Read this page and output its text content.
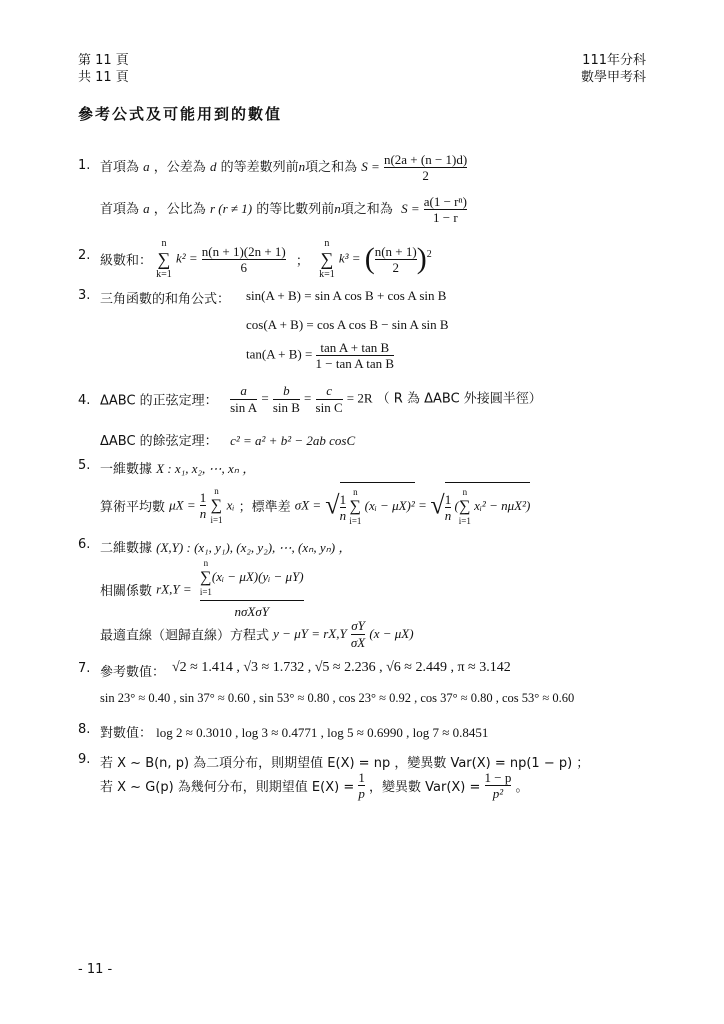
第 11 頁
共 11 頁
111年分科
數學甲考科
參考公式及可能用到的數值
1. 首項為 a ，公差為 d 的等差數列前n項之和為 $S = \frac{n(2a + (n - 1)d)}{2}$
首項為 a ，公比為 r (r ≠ 1) 的等比數列前n項之和為 $S = \frac{\text{a(1 − rⁿ)}}{1 - r}$
2. 級數和：
n
∑
k=1
$k^2 = \frac{n(n + 1)(2n + 1)}{6}$ ；
n
∑
k=1
k³ = ( $\frac{n(n + 1)}{2} )^2$
3. 三角函數的和角公式： sin(A + B) = sin A cos B + cos A sin B
cos(A + B) = cos A cos B − sin A sin B
$\tan(A + B) = \frac{\text{tan A + tan B}}{\text{1 − tan A tan B}}$
4. ΔABC 的正弦定理： $\frac{a}{\text{sin A}} = \frac{b}{\text{sin B}} = \frac{c}{\text{sin C}} = 2R$ （ R 為 ΔABC 外接圓半徑）
ΔABC 的餘弦定理： c² = a² + b² − 2ab cosC
5. 一維數據 X : x₁, x₂, ⋯, xₙ ，
算術平均數 $\mu X = \frac{1}{n}$
n
∑
i=1
xᵢ ；標準差 σX = √ $\frac{1}{n}$
n
∑
i=1
(xᵢ − μX)² = √ $\frac{1}{n}$ (
n
∑
i=1
xᵢ² − nμX²)
6. 二維數據 (X,Y) : (x₁, y₁), (x₂, y₂), ⋯, (xₙ, yₙ) ，
相關係數 rX,Y = n
∑
i=1
(xᵢ − μX)(yᵢ − μY)
nσXσY
最適直線（迴歸直線）方程式 $y - \mu Y = rX,Y \frac{\sigma Y}{\sigma X} (x - \mu X)$
7. 參考數值： √2 ≈ 1.414 , √3 ≈ 1.732 , √5 ≈ 2.236 , √6 ≈ 2.449 , π ≈ 3.142
sin 23° ≈ 0.40 , sin 37° ≈ 0.60 , sin 53° ≈ 0.80 , cos 23° ≈ 0.92 , cos 37° ≈ 0.80 , cos 53° ≈ 0.60
8. 對數值： log 2 ≈ 0.3010 , log 3 ≈ 0.4771 , log 5 ≈ 0.6990 , log 7 ≈ 0.8451
9. 若 X ~ B(n, p) 為二項分布，則期望值 E(X) = np ，變異數 Var(X) = np(1 − p) ；
若 X ~ G(p) 為幾何分布，則期望值 $E(X) = \frac{1}{p}$ ，變異數 $Var(X) = \frac{1 - p}{\text{p²}}$ 。
- 11 -
